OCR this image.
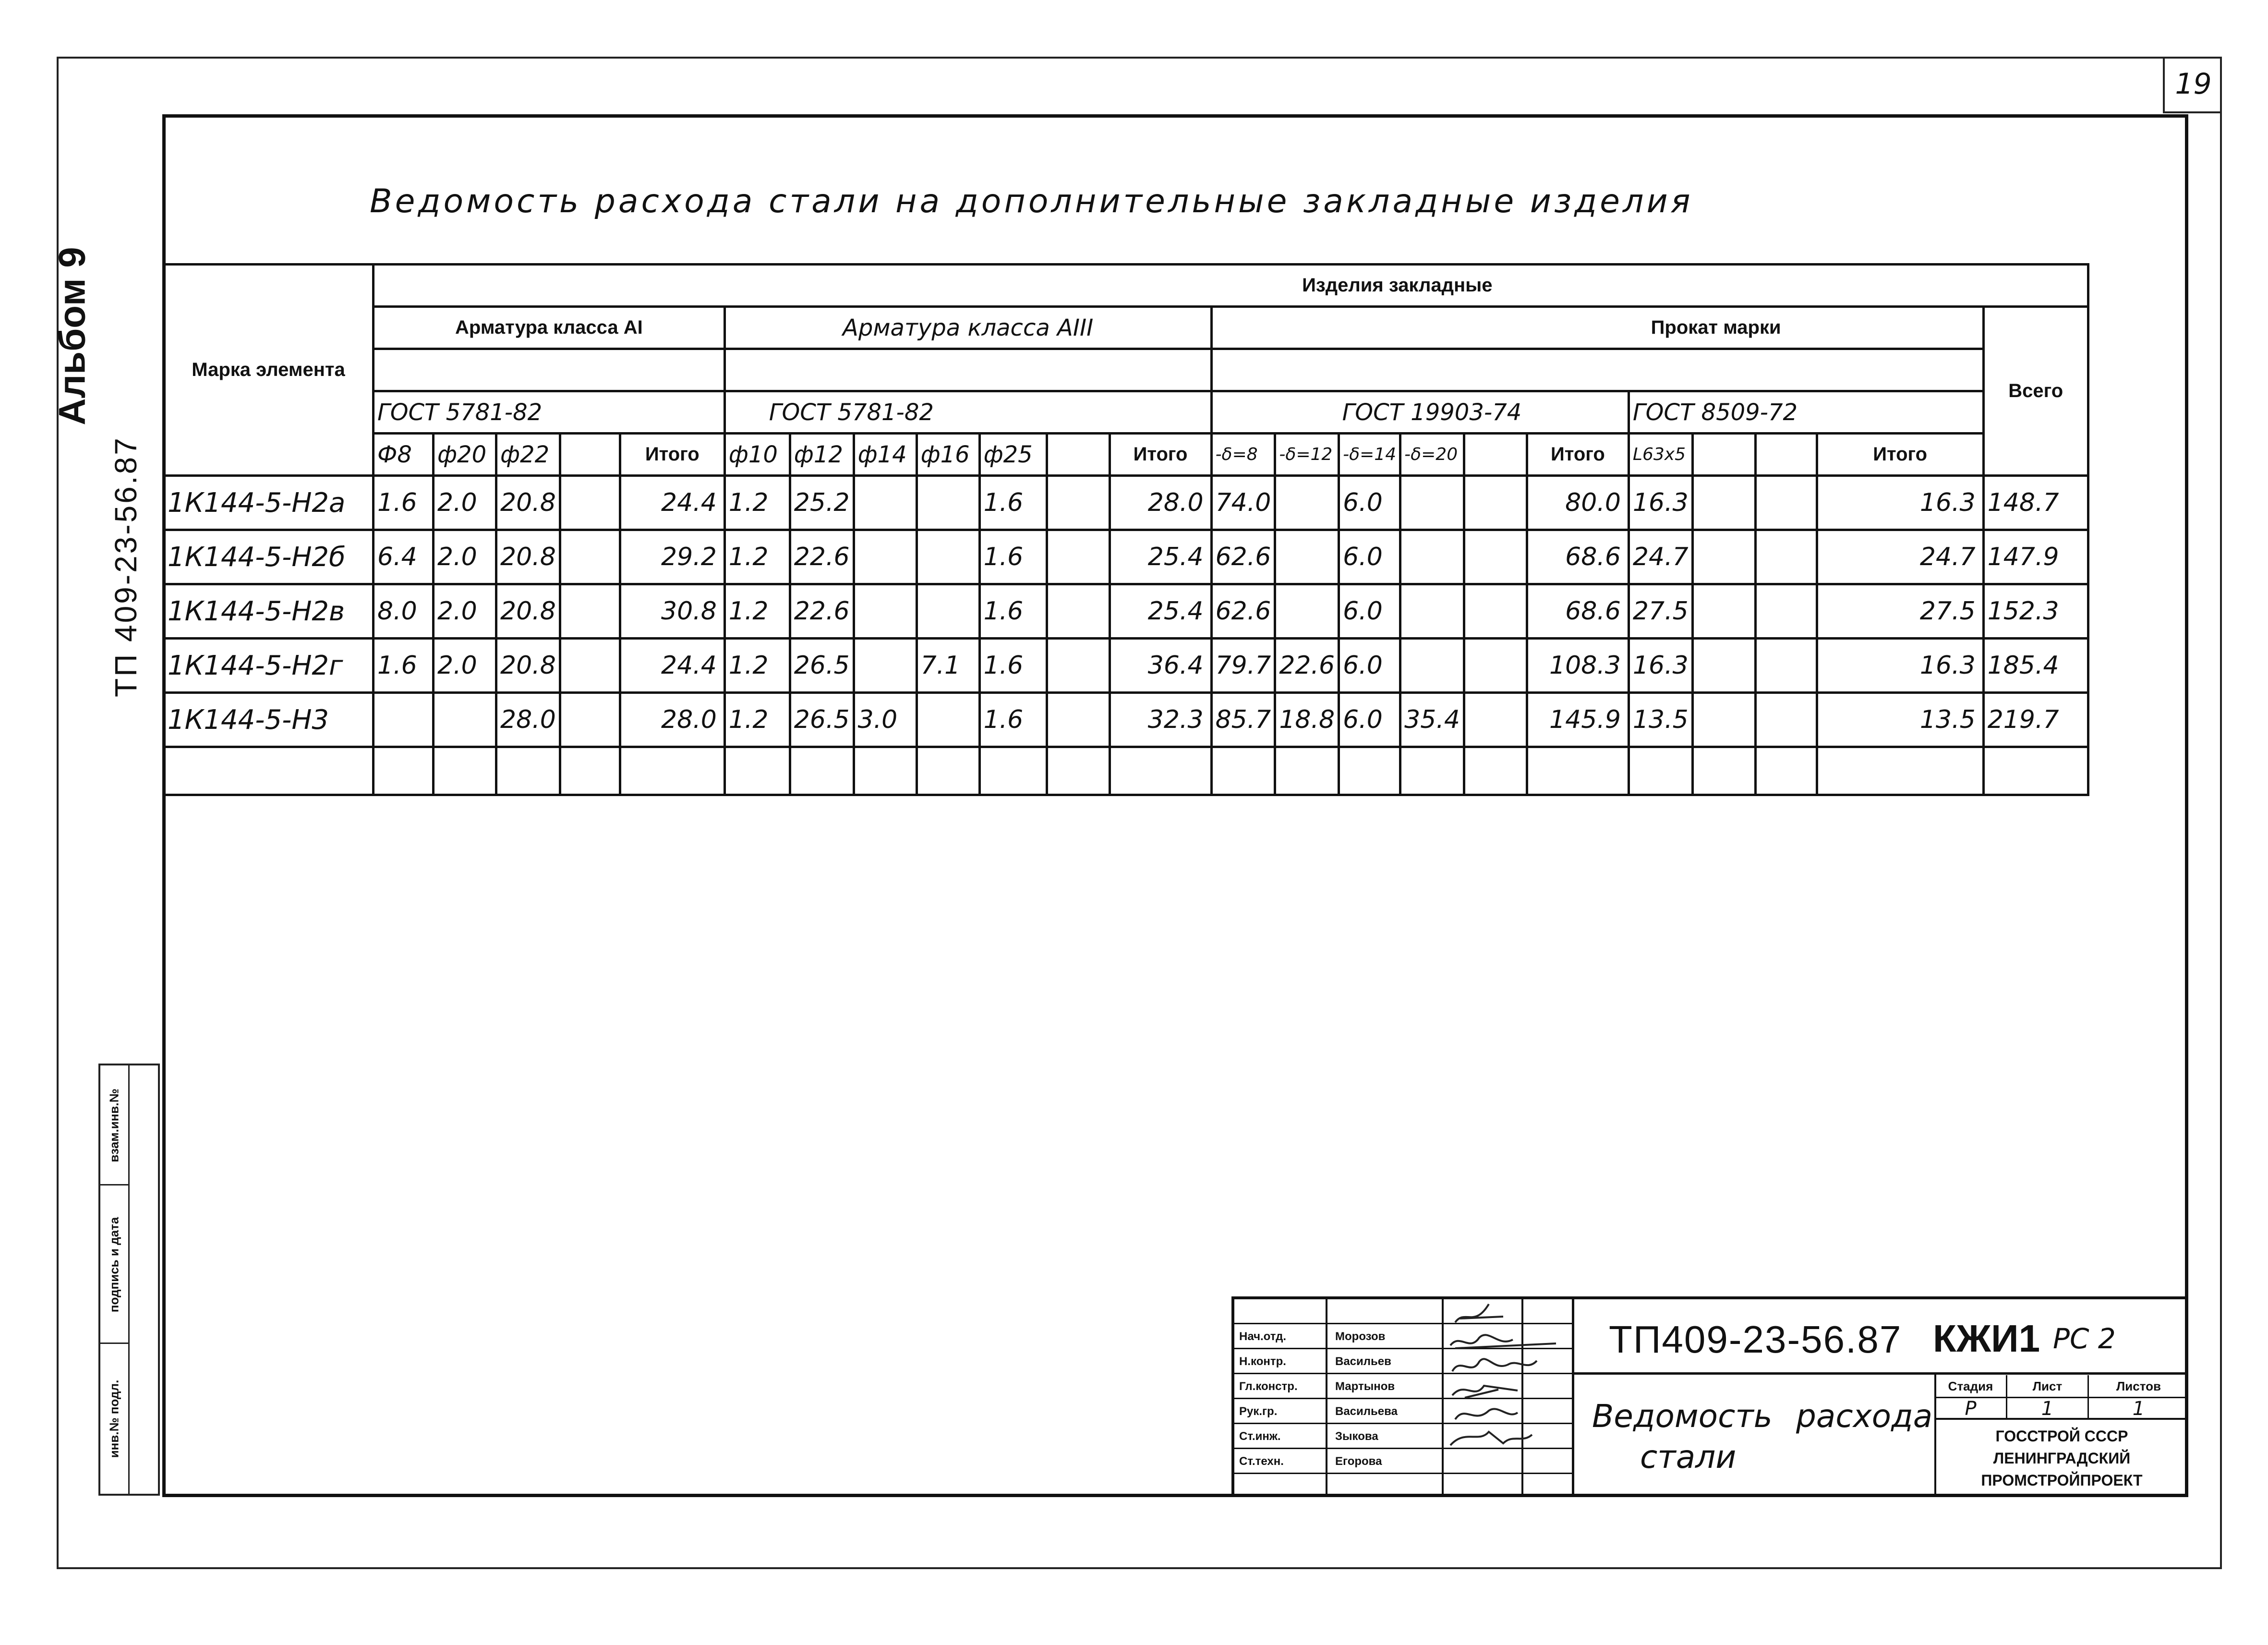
19
Альбом 9
ТП 409-23-56.87
взам.инв.№
подпись и дата
инв.№ подл.
Ведомость расхода стали на дополнительные закладные изделия
Марка элемента	Изделия закладные																						
	Арматура класса АI					Арматура класса АIII							Прокат марки										Всего

	ГОСТ 5781-82					ГОСТ 5781-82							ГОСТ 19903-74						ГОСТ 8509-72				
	Ф8	ф20	ф22		Итого	ф10	ф12	ф14	ф16	ф25		Итого	-δ=8	-δ=12	-δ=14	-δ=20		Итого	L63x5			Итого	
1К144-5-Н2а	1.6	2.0	20.8		24.4	1.2	25.2			1.6		28.0	74.0		6.0			80.0	16.3			16.3	148.7
1К144-5-Н2б	6.4	2.0	20.8		29.2	1.2	22.6			1.6		25.4	62.6		6.0			68.6	24.7			24.7	147.9
1К144-5-Н2в	8.0	2.0	20.8		30.8	1.2	22.6			1.6		25.4	62.6		6.0			68.6	27.5			27.5	152.3
1К144-5-Н2г	1.6	2.0	20.8		24.4	1.2	26.5		7.1	1.6		36.4	79.7	22.6	6.0			108.3	16.3			16.3	185.4
1К144-5-Н3			28.0		28.0	1.2	26.5	3.0		1.6		32.3	85.7	18.8	6.0	35.4		145.9	13.5			13.5	219.7

Нач.отд.	Морозов
Н.контр.	Васильев
Гл.констр.	Мартынов
Рук.гр.	Васильева
Ст.инж.	Зыкова
Ст.техн.	Егорова
ТП409-23-56.87 КЖИ1 РС 2
Ведомость расхода
стали
Стадия	Лист	Листов
Р	1	1
ГОССТРОЙ СССР
ЛЕНИНГРАДСКИЙ
ПРОМСТРОЙПРОЕКТ
